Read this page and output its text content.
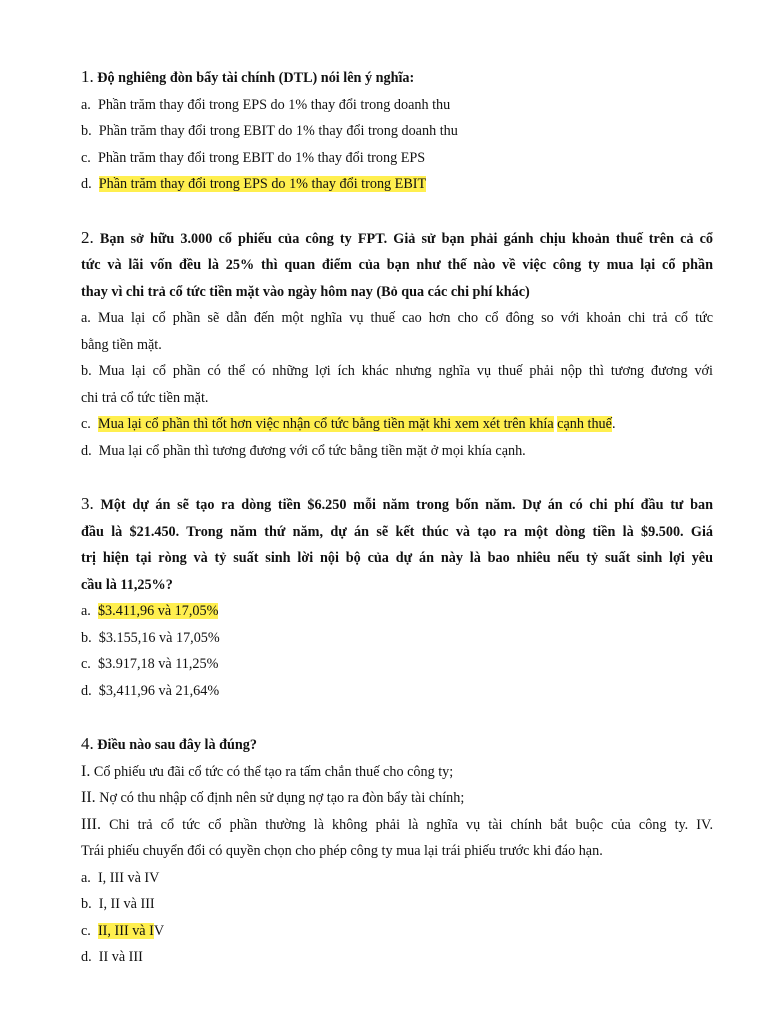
1. Độ nghiêng đòn bẩy tài chính (DTL) nói lên ý nghĩa:
a. Phần trăm thay đổi trong EPS do 1% thay đổi trong doanh thu
b. Phần trăm thay đổi trong EBIT do 1% thay đổi trong doanh thu
c. Phần trăm thay đổi trong EBIT do 1% thay đổi trong EPS
d. Phần trăm thay đổi trong EPS do 1% thay đổi trong EBIT
2. Bạn sở hữu 3.000 cổ phiếu của công ty FPT. Giả sử bạn phải gánh chịu khoản thuế trên cả cổ
tức và lãi vốn đều là 25% thì quan điểm của bạn như thế nào về việc công ty mua lại cổ phần
thay vì chi trả cổ tức tiền mặt vào ngày hôm nay (Bỏ qua các chi phí khác)
a. Mua lại cổ phần sẽ dẫn đến một nghĩa vụ thuế cao hơn cho cổ đông so với khoản chi trả cổ tức
bằng tiền mặt.
b. Mua lại cổ phần có thể có những lợi ích khác nhưng nghĩa vụ thuế phải nộp thì tương đương với
chi trả cổ tức tiền mặt.
c. Mua lại cổ phần thì tốt hơn việc nhận cổ tức bằng tiền mặt khi xem xét trên khía cạnh thuế.
d. Mua lại cổ phần thì tương đương với cổ tức bằng tiền mặt ở mọi khía cạnh.
3. Một dự án sẽ tạo ra dòng tiền $6.250 mỗi năm trong bốn năm. Dự án có chi phí đầu tư ban
đầu là $21.450. Trong năm thứ năm, dự án sẽ kết thúc và tạo ra một dòng tiền là $9.500. Giá
trị hiện tại ròng và tỷ suất sinh lời nội bộ của dự án này là bao nhiêu nếu tỷ suất sinh lợi yêu
cầu là 11,25%?
a. $3.411,96 và 17,05%
b. $3.155,16 và 17,05%
c. $3.917,18 và 11,25%
d. $3,411,96 và 21,64%
4. Điều nào sau đây là đúng?
I. Cổ phiếu ưu đãi cổ tức có thể tạo ra tấm chắn thuế cho công ty;
II. Nợ có thu nhập cố định nên sử dụng nợ tạo ra đòn bẩy tài chính;
III. Chi trả cổ tức cổ phần thường là không phải là nghĩa vụ tài chính bắt buộc của công ty. IV.
Trái phiếu chuyển đổi có quyền chọn cho phép công ty mua lại trái phiếu trước khi đáo hạn.
a. I, III và IV
b. I, II và III
c. II, III và IV
d. II và III
